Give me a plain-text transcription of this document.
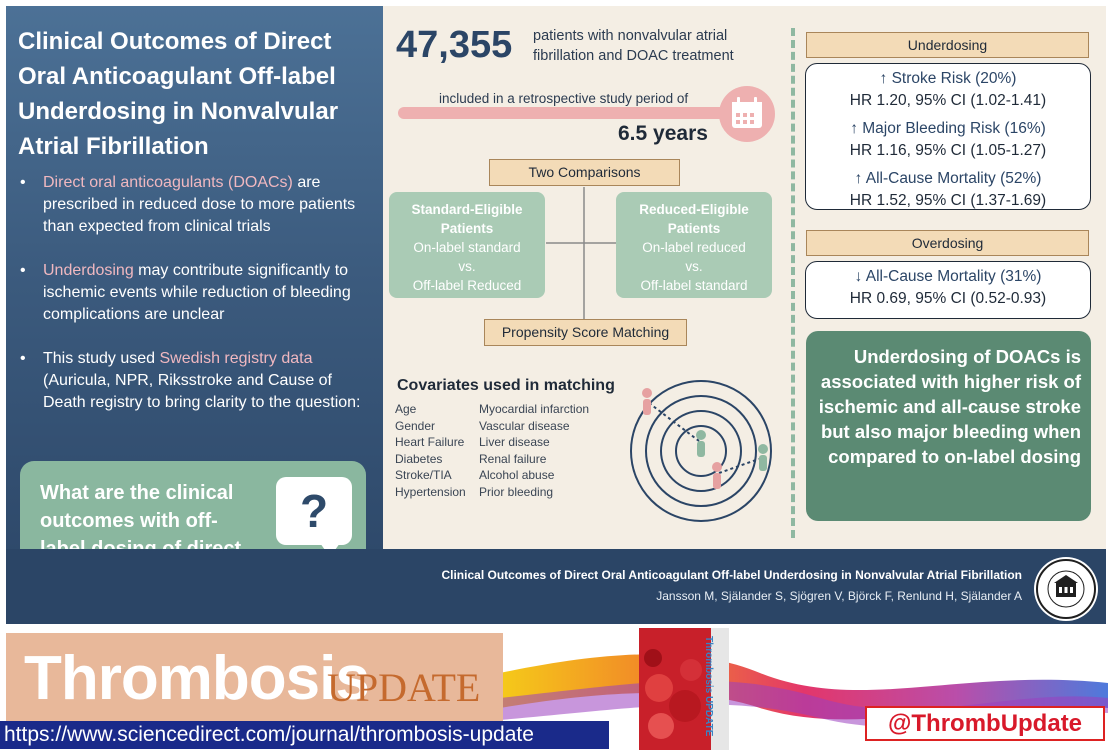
Clinical Outcomes of Direct Oral Anticoagulant Off-label Underdosing in Nonvalvular Atrial Fibrillation
• Direct oral anticoagulants (DOACs) are prescribed in reduced dose to more patients than expected from clinical trials
• Underdosing may contribute significantly to ischemic events while reduction of bleeding complications are unclear
• This study used Swedish registry data (Auricula, NPR, Riksstroke and Cause of Death registry to bring clarity to the question:
What are the clinical outcomes with off-	?
47,355 patients with nonvalvular atrial fibrillation and DOAC treatment
included in a retrospective study period of
6.5 years
Two Comparisons
Standard-Eligible
Patients
On-label standard
vs.
Off-label Reduced
Reduced-Eligible
Patients
On-label reduced
vs.
Off-label standard
Propensity Score Matching
Covariates used in matching
Age
Gender
Heart Failure
Diabetes
Stroke/TIA
Hypertension
Myocardial infarction
Vascular disease
Liver disease
Renal failure
Alcohol abuse
Prior bleeding
Underdosing
↑ Stroke Risk (20%)
HR 1.20, 95% CI (1.02-1.41)
↑ Major Bleeding Risk (16%)
HR 1.16, 95% CI (1.05-1.27)
↑ All-Cause Mortality (52%)
HR 1.52, 95% CI (1.37-1.69)
Overdosing
↓ All-Cause Mortality (31%)
HR 0.69, 95% CI (0.52-0.93)
Underdosing of DOACs is associated with higher risk of ischemic and all-cause stroke but also major bleeding when compared to on-label dosing
Clinical Outcomes of Direct Oral Anticoagulant Off-label Underdosing in Nonvalvular Atrial Fibrillation
Jansson M, Själander S, Sjögren V, Björck F, Renlund H, Själander A
Thrombosis
UPDATE
https://www.sciencedirect.com/journal/thrombosis-update	Thrombosis UPDATE	@ThrombUpdate
